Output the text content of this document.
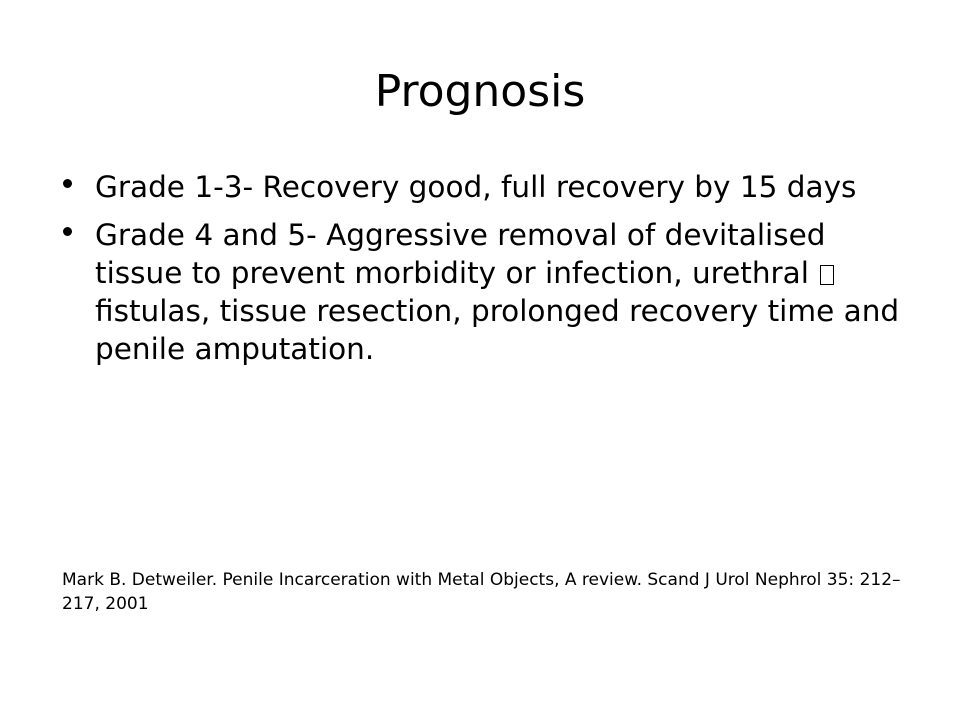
Prognosis
Grade 1-3- Recovery good, full recovery by 15 days
Grade 4 and 5- Aggressive removal of devitalised tissue to prevent morbidity or infection, urethral  fistulas, tissue resection, prolonged recovery time and penile amputation.

Mark B. Detweiler. Penile Incarceration with Metal Objects, A review. Scand J Urol Nephrol 35: 212–217, 2001
